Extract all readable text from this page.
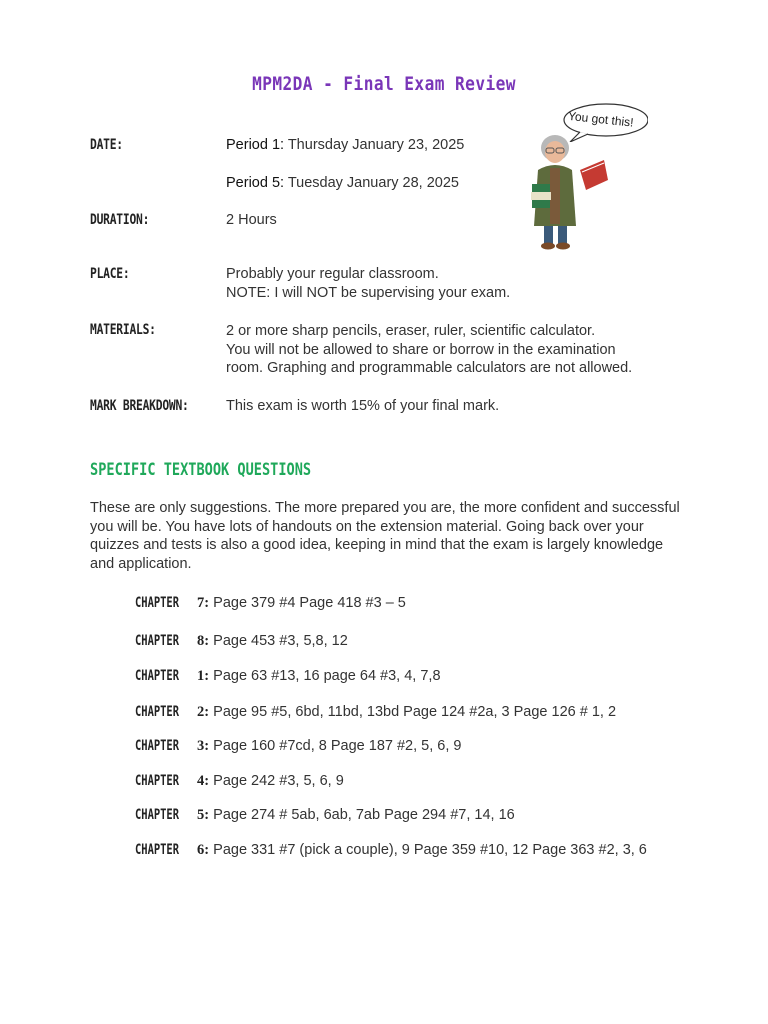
MPM2DA - Final Exam Review
You got this!
DATE:	Period 1: Thursday January 23, 2025
Period 5: Tuesday January 28, 2025
DURATION:	2 Hours
PLACE:	Probably your regular classroom.
NOTE: I will NOT be supervising your exam.
MATERIALS:	2 or more sharp pencils, eraser, ruler, scientific calculator.
You will not be allowed to share or borrow in the examination
room. Graphing and programmable calculators are not allowed.
MARK BREAKDOWN:	This exam is worth 15% of your final mark.
SPECIFIC TEXTBOOK QUESTIONS
These are only suggestions. The more prepared you are, the more confident and successful you will be. You have lots of handouts on the extension material. Going back over your quizzes and tests is also a good idea, keeping in mind that the exam is largely knowledge and application.
CHAPTER 7: Page 379 #4 Page 418 #3 – 5
CHAPTER 8: Page 453 #3, 5,8, 12
CHAPTER 1: Page 63 #13, 16 page 64 #3, 4, 7,8
CHAPTER 2: Page 95 #5, 6bd, 11bd, 13bd Page 124 #2a, 3 Page 126 # 1, 2
CHAPTER 3: Page 160 #7cd, 8 Page 187 #2, 5, 6, 9
CHAPTER 4: Page 242 #3, 5, 6, 9
CHAPTER 5: Page 274 # 5ab, 6ab, 7ab Page 294 #7, 14, 16
CHAPTER 6: Page 331 #7 (pick a couple), 9 Page 359 #10, 12 Page 363 #2, 3, 6
